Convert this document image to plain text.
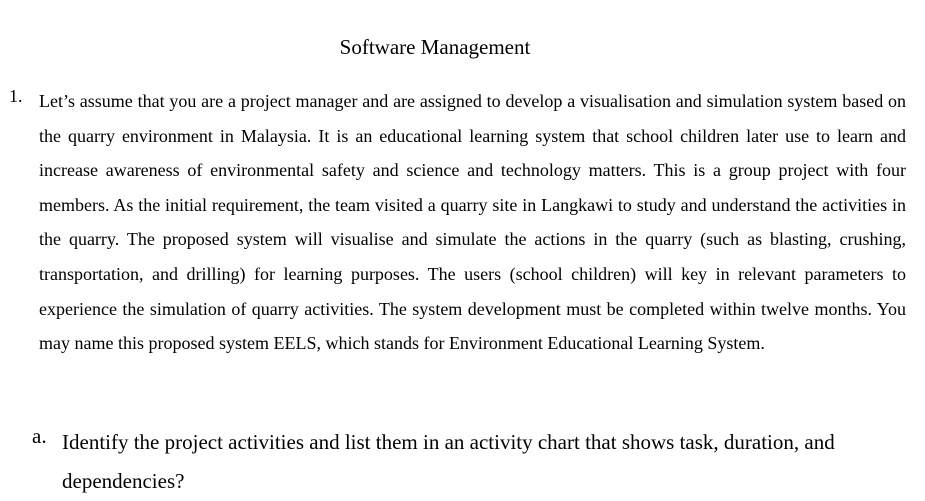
Software Management
1. Let’s assume that you are a project manager and are assigned to develop a visualisation and simulation system based on the quarry environment in Malaysia. It is an educational learning system that school children later use to learn and increase awareness of environmental safety and science and technology matters. This is a group project with four members. As the initial requirement, the team visited a quarry site in Langkawi to study and understand the activities in the quarry. The proposed system will visualise and simulate the actions in the quarry (such as blasting, crushing, transportation, and drilling) for learning purposes. The users (school children) will key in relevant parameters to experience the simulation of quarry activities. The system development must be completed within twelve months. You may name this proposed system EELS, which stands for Environment Educational Learning System.
a. Identify the project activities and list them in an activity chart that shows task, duration, and dependencies?
